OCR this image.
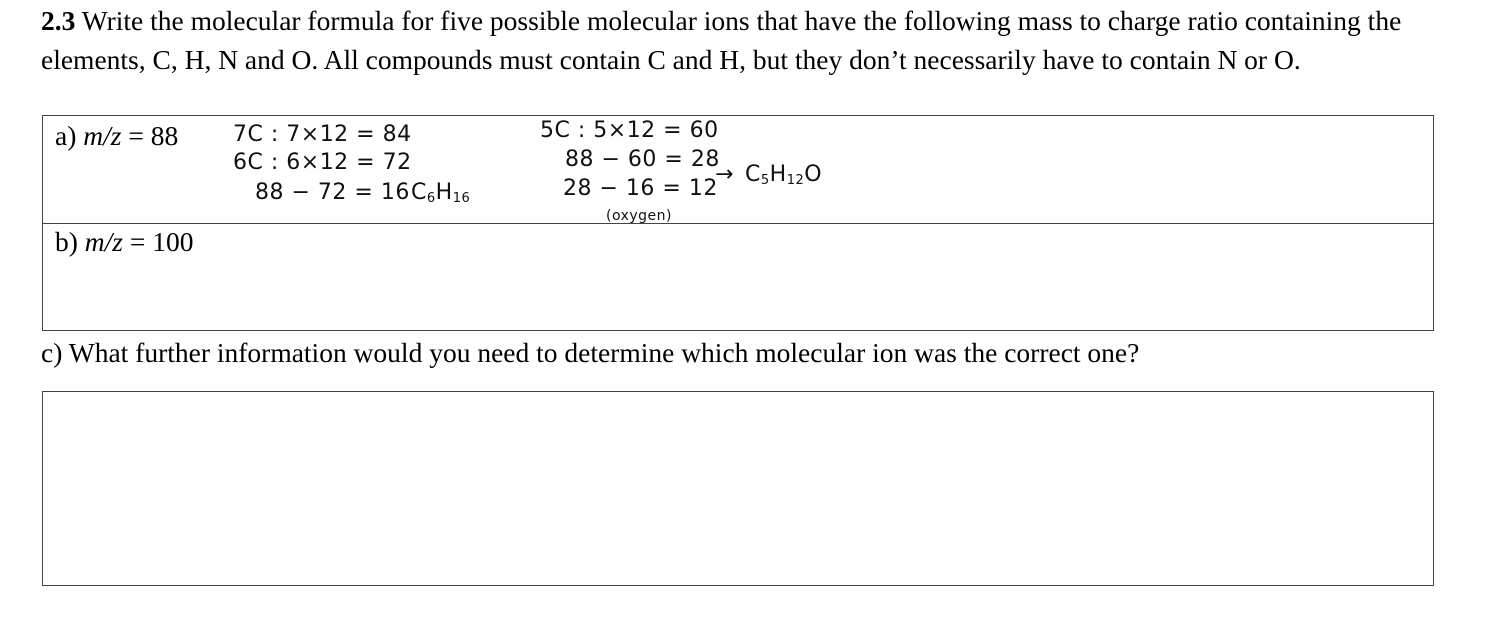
2.3 Write the molecular formula for five possible molecular ions that have the following mass to charge ratio containing the elements, C, H, N and O. All compounds must contain C and H, but they don’t necessarily have to contain N or O.
a) m/z = 88 7C : 7×12 = 84
6C : 6×12 = 72
88 − 72 = 16 $C_6H_{16}$
5C : 5×12 = 60
88 − 60 = 28
28 − 16 = 12
(oxygen)
→ $C_5H_{12}O$
b) m/z = 100
c) What further information would you need to determine which molecular ion was the correct one?
